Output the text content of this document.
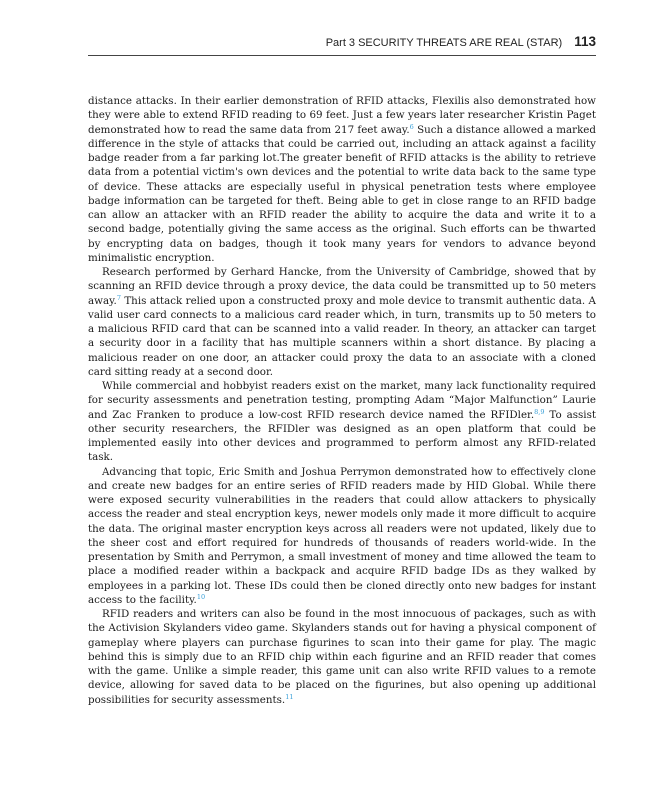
Part 3 SECURITY THREATS ARE REAL (STAR) 113

distance attacks. In their earlier demonstration of RFID attacks, Flexilis also demonstrated how they were able to extend RFID reading to 69 feet. Just a few years later researcher Kristin Paget demonstrated how to read the same data from 217 feet away.$^6$ Such a distance allowed a marked difference in the style of attacks that could be carried out, including an attack against a facility badge reader from a far parking lot.The greater benefit of RFID attacks is the ability to retrieve data from a potential victim's own devices and the potential to write data back to the same type of device. These attacks are especially useful in physical penetration tests where employee badge information can be targeted for theft. Being able to get in close range to an RFID badge can allow an attacker with an RFID reader the ability to acquire the data and write it to a second badge, potentially giving the same access as the original. Such efforts can be thwarted by encrypting data on badges, though it took many years for vendors to advance beyond minimalistic encryption.

Research performed by Gerhard Hancke, from the University of Cambridge, showed that by scanning an RFID device through a proxy device, the data could be transmitted up to 50 meters away.$^7$ This attack relied upon a constructed proxy and mole device to transmit authentic data. A valid user card connects to a malicious card reader which, in turn, transmits up to 50 meters to a malicious RFID card that can be scanned into a valid reader. In theory, an attacker can target a security door in a facility that has multiple scanners within a short distance. By placing a malicious reader on one door, an attacker could proxy the data to an associate with a cloned card sitting ready at a second door.

While commercial and hobbyist readers exist on the market, many lack functionality required for security assessments and penetration testing, prompting Adam “Major Malfunction” Laurie and Zac Franken to produce a low-cost RFID research device named the RFIDler.$^{8,9}$ To assist other security researchers, the RFIDler was designed as an open platform that could be implemented easily into other devices and programmed to perform almost any RFID-related task.

Advancing that topic, Eric Smith and Joshua Perrymon demonstrated how to effectively clone and create new badges for an entire series of RFID readers made by HID Global. While there were exposed security vulnerabilities in the readers that could allow attackers to physically access the reader and steal encryption keys, newer models only made it more difficult to acquire the data. The original master encryption keys across all readers were not updated, likely due to the sheer cost and effort required for hundreds of thousands of readers world-wide. In the presentation by Smith and Perrymon, a small investment of money and time allowed the team to place a modified reader within a backpack and acquire RFID badge IDs as they walked by employees in a parking lot. These IDs could then be cloned directly onto new badges for instant access to the facility.$^{10}$

RFID readers and writers can also be found in the most innocuous of packages, such as with the Activision Skylanders video game. Skylanders stands out for having a physical component of gameplay where players can purchase figurines to scan into their game for play. The magic behind this is simply due to an RFID chip within each figurine and an RFID reader that comes with the game. Unlike a simple reader, this game unit can also write RFID values to a remote device, allowing for saved data to be placed on the figurines, but also opening up additional possibilities for security assessments.$^{11}$
